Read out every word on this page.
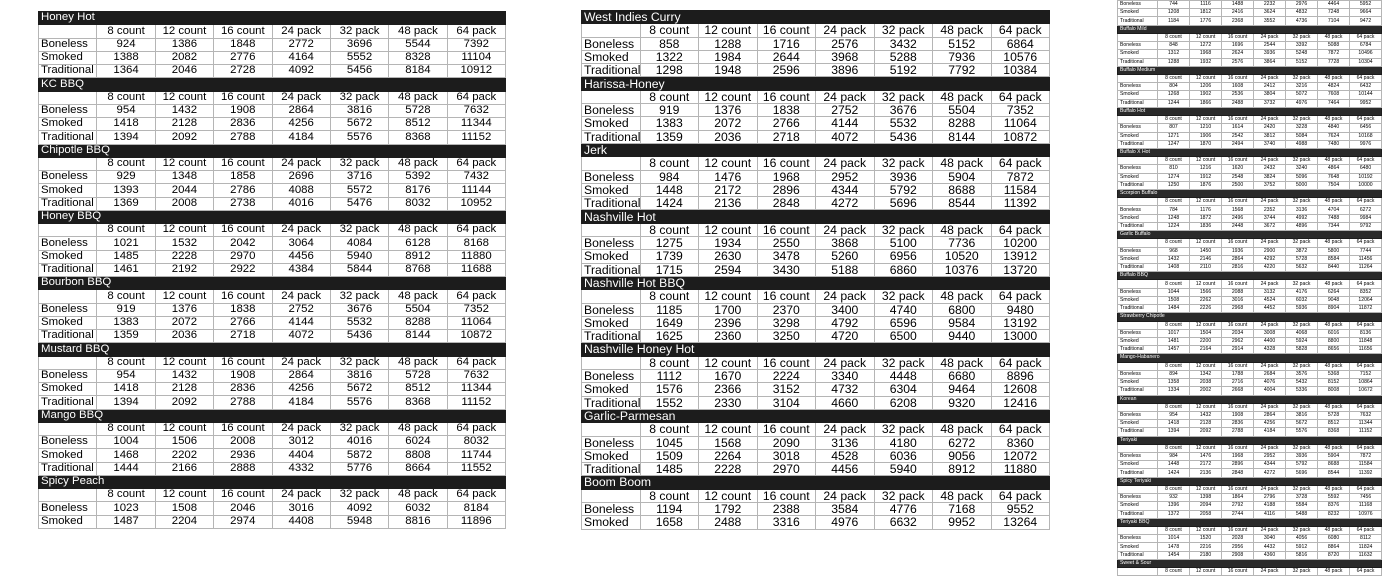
Honey Hot							
	8 count	12 count	16 count	24 pack	32 pack	48 pack	64 pack
Boneless	924	1386	1848	2772	3696	5544	7392
Smoked	1388	2082	2776	4164	5552	8328	11104
Traditional	1364	2046	2728	4092	5456	8184	10912
KC BBQ							
	8 count	12 count	16 count	24 pack	32 pack	48 pack	64 pack
Boneless	954	1432	1908	2864	3816	5728	7632
Smoked	1418	2128	2836	4256	5672	8512	11344
Traditional	1394	2092	2788	4184	5576	8368	11152
Chipotle BBQ							
	8 count	12 count	16 count	24 pack	32 pack	48 pack	64 pack
Boneless	929	1348	1858	2696	3716	5392	7432
Smoked	1393	2044	2786	4088	5572	8176	11144
Traditional	1369	2008	2738	4016	5476	8032	10952
Honey BBQ							
	8 count	12 count	16 count	24 pack	32 pack	48 pack	64 pack
Boneless	1021	1532	2042	3064	4084	6128	8168
Smoked	1485	2228	2970	4456	5940	8912	11880
Traditional	1461	2192	2922	4384	5844	8768	11688
Bourbon BBQ							
	8 count	12 count	16 count	24 pack	32 pack	48 pack	64 pack
Boneless	919	1376	1838	2752	3676	5504	7352
Smoked	1383	2072	2766	4144	5532	8288	11064
Traditional	1359	2036	2718	4072	5436	8144	10872
Mustard BBQ							
	8 count	12 count	16 count	24 pack	32 pack	48 pack	64 pack
Boneless	954	1432	1908	2864	3816	5728	7632
Smoked	1418	2128	2836	4256	5672	8512	11344
Traditional	1394	2092	2788	4184	5576	8368	11152
Mango BBQ							
	8 count	12 count	16 count	24 pack	32 pack	48 pack	64 pack
Boneless	1004	1506	2008	3012	4016	6024	8032
Smoked	1468	2202	2936	4404	5872	8808	11744
Traditional	1444	2166	2888	4332	5776	8664	11552
Spicy Peach							
	8 count	12 count	16 count	24 pack	32 pack	48 pack	64 pack
Boneless	1023	1508	2046	3016	4092	6032	8184
Smoked	1487	2204	2974	4408	5948	8816	11896
West Indies Curry							
	8 count	12 count	16 count	24 pack	32 pack	48 pack	64 pack
Boneless	858	1288	1716	2576	3432	5152	6864
Smoked	1322	1984	2644	3968	5288	7936	10576
Traditional	1298	1948	2596	3896	5192	7792	10384
Harissa-Honey							
	8 count	12 count	16 count	24 pack	32 pack	48 pack	64 pack
Boneless	919	1376	1838	2752	3676	5504	7352
Smoked	1383	2072	2766	4144	5532	8288	11064
Traditional	1359	2036	2718	4072	5436	8144	10872
Jerk							
	8 count	12 count	16 count	24 pack	32 pack	48 pack	64 pack
Boneless	984	1476	1968	2952	3936	5904	7872
Smoked	1448	2172	2896	4344	5792	8688	11584
Traditional	1424	2136	2848	4272	5696	8544	11392
Nashville Hot							
	8 count	12 count	16 count	24 pack	32 pack	48 pack	64 pack
Boneless	1275	1934	2550	3868	5100	7736	10200
Smoked	1739	2630	3478	5260	6956	10520	13912
Traditional	1715	2594	3430	5188	6860	10376	13720
Nashville Hot BBQ							
	8 count	12 count	16 count	24 pack	32 pack	48 pack	64 pack
Boneless	1185	1700	2370	3400	4740	6800	9480
Smoked	1649	2396	3298	4792	6596	9584	13192
Traditional	1625	2360	3250	4720	6500	9440	13000
Nashville Honey Hot							
	8 count	12 count	16 count	24 pack	32 pack	48 pack	64 pack
Boneless	1112	1670	2224	3340	4448	6680	8896
Smoked	1576	2366	3152	4732	6304	9464	12608
Traditional	1552	2330	3104	4660	6208	9320	12416
Garlic-Parmesan							
	8 count	12 count	16 count	24 pack	32 pack	48 pack	64 pack
Boneless	1045	1568	2090	3136	4180	6272	8360
Smoked	1509	2264	3018	4528	6036	9056	12072
Traditional	1485	2228	2970	4456	5940	8912	11880
Boom Boom							
	8 count	12 count	16 count	24 pack	32 pack	48 pack	64 pack
Boneless	1194	1792	2388	3584	4776	7168	9552
Smoked	1658	2488	3316	4976	6632	9952	13264
Boneless	744	1116	1488	2232	2976	4464	5952
Smoked	1208	1812	2416	3624	4832	7248	9664
Traditional	1184	1776	2368	3552	4736	7104	9472
Buffalo Mild							
	8 count	12 count	16 count	24 pack	32 pack	48 pack	64 pack
Boneless	848	1272	1696	2544	3392	5088	6784
Smoked	1312	1968	2624	3936	5248	7872	10496
Traditional	1288	1932	2576	3864	5152	7728	10304
Buffalo Medium							
	8 count	12 count	16 count	24 pack	32 pack	48 pack	64 pack
Boneless	804	1206	1608	2412	3216	4824	6432
Smoked	1268	1902	2536	3804	5072	7608	10144
Traditional	1244	1866	2488	3732	4976	7464	9952
Buffalo Hot							
	8 count	12 count	16 count	24 pack	32 pack	48 pack	64 pack
Boneless	807	1210	1614	2420	3228	4840	6456
Smoked	1271	1906	2542	3812	5084	7624	10168
Traditional	1247	1870	2494	3740	4988	7480	9976
Buffalo X Hot							
	8 count	12 count	16 count	24 pack	32 pack	48 pack	64 pack
Boneless	810	1216	1620	2432	3240	4864	6480
Smoked	1274	1912	2548	3824	5096	7648	10192
Traditional	1250	1876	2500	3752	5000	7504	10000
Scorpion Buffalo							
	8 count	12 count	16 count	24 pack	32 pack	48 pack	64 pack
Boneless	784	1176	1568	2352	3136	4704	6272
Smoked	1248	1872	2496	3744	4992	7488	9984
Traditional	1224	1836	2448	3672	4896	7344	9792
Garlic Buffalo							
	8 count	12 count	16 count	24 pack	32 pack	48 pack	64 pack
Boneless	968	1450	1936	2900	3872	5800	7744
Smoked	1432	2146	2864	4292	5728	8584	11456
Traditional	1408	2110	2816	4220	5632	8440	11264
Buffalo BBQ							
	8 count	12 count	16 count	24 pack	32 pack	48 pack	64 pack
Boneless	1044	1566	2088	3132	4176	6264	8352
Smoked	1508	2262	3016	4524	6032	9048	12064
Traditional	1484	2226	2968	4452	5936	8904	11872
Strawberry Chipotle							
	8 count	12 count	16 count	24 pack	32 pack	48 pack	64 pack
Boneless	1017	1504	2034	3008	4068	6016	8136
Smoked	1481	2200	2962	4400	5924	8800	11848
Traditional	1457	2164	2914	4328	5828	8656	11656
Mango-Habanero							
	8 count	12 count	16 count	24 pack	32 pack	48 pack	64 pack
Boneless	894	1342	1788	2684	3576	5368	7152
Smoked	1358	2038	2716	4076	5432	8152	10864
Traditional	1334	2002	2668	4004	5336	8008	10672
Korean							
	8 count	12 count	16 count	24 pack	32 pack	48 pack	64 pack
Boneless	954	1432	1908	2864	3816	5728	7632
Smoked	1418	2128	2836	4256	5672	8512	11344
Traditional	1394	2092	2788	4184	5576	8368	11152
Teriyaki							
	8 count	12 count	16 count	24 pack	32 pack	48 pack	64 pack
Boneless	984	1476	1968	2952	3936	5904	7872
Smoked	1448	2172	2896	4344	5792	8688	11584
Traditional	1424	2136	2848	4272	5696	8544	11392
Spicy Teriyaki							
	8 count	12 count	16 count	24 pack	32 pack	48 pack	64 pack
Boneless	932	1398	1864	2796	3728	5592	7456
Smoked	1396	2094	2792	4188	5584	8376	11168
Traditional	1372	2058	2744	4116	5488	8232	10976
Teriyaki BBQ							
	8 count	12 count	16 count	24 pack	32 pack	48 pack	64 pack
Boneless	1014	1520	2028	3040	4056	6080	8112
Smoked	1478	2216	2956	4432	5912	8864	11824
Traditional	1454	2180	2908	4360	5816	8720	11632
Sweet & Sour							
	8 count	12 count	16 count	24 pack	32 pack	48 pack	64 pack
